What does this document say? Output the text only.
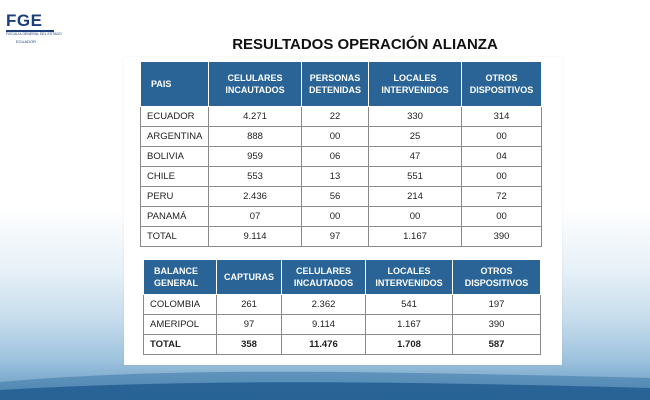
FGE
FISCALÍA GENERAL DEL ESTADO
ECUADOR	RESULTADOS OPERACIÓN ALIANZA
PAIS	CELULARES INCAUTADOS	PERSONAS DETENIDAS	LOCALES INTERVENIDOS	OTROS DISPOSITIVOS
ECUADOR	4.271	22	330	314
ARGENTINA	888	00	25	00
BOLIVIA	959	06	47	04
CHILE	553	13	551	00
PERU	2.436	56	214	72
PANAMÁ	07	00	00	00
TOTAL	9.114	97	1.167	390
BALANCE GENERAL	CAPTURAS	CELULARES INCAUTADOS	LOCALES INTERVENIDOS	OTROS DISPOSITIVOS
COLOMBIA	261	2.362	541	197
AMERIPOL	97	9.114	1.167	390
TOTAL	358	11.476	1.708	587
